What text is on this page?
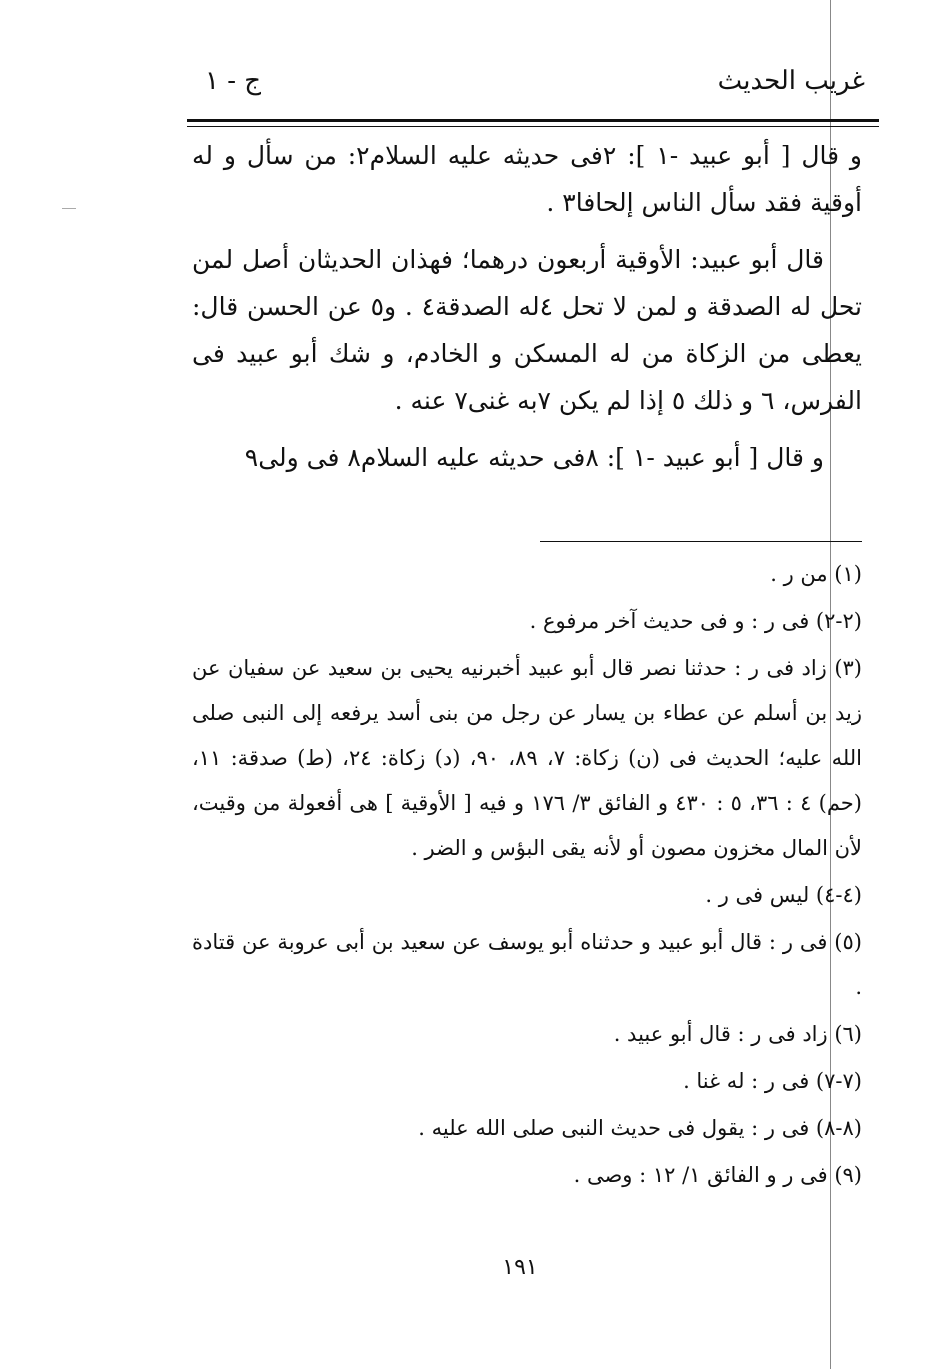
غريب الحديث
ج - ١

و قال [ أبو عبيد -١ ]: ٢فى حديثه عليه السلام٢: من سأل و له أوقية فقد سأل الناس إلحافا٣ .

قال أبو عبيد: الأوقية أربعون درهما؛ فهذان الحديثان أصل لمن تحل له الصدقة و لمن لا تحل ٤له الصدقة٤ . و٥ عن الحسن قال: يعطى من الزكاة من له المسكن و الخادم، و شك أبو عبيد فى الفرس، ٦ و ذلك ٥ إذا لم يكن ٧به غنى٧ عنه .

و قال [ أبو عبيد -١ ]: ٨فى حديثه عليه السلام٨ فى ولى٩

(١) من ر .

(٢-٢) فى ر : و فى حديث آخر مرفوع .

(٣) زاد فى ر : حدثنا نصر قال أبو عبيد أخبرنيه يحيى بن سعيد عن سفيان عن زيد بن أسلم عن عطاء بن يسار عن رجل من بنى أسد يرفعه إلى النبى صلى الله عليه؛ الحديث فى (ن) زكاة: ٧، ٨٩، ٩٠، (د) زكاة: ٢٤، (ط) صدقة: ١١، (حم) ٤ : ٣٦، ٥ : ٤٣٠ و الفائق ٣/ ١٧٦ و فيه [ الأوقية ] هى أفعولة من وقيت، لأن المال مخزون مصون أو لأنه يقى البؤس و الضر .

(٤-٤) ليس فى ر .

(٥) فى ر : قال أبو عبيد و حدثناه أبو يوسف عن سعيد بن أبى عروبة عن قتادة .

(٦) زاد فى ر : قال أبو عبيد .

(٧-٧) فى ر : له غنا .

(٨-٨) فى ر : يقول فى حديث النبى صلى الله عليه .

(٩) فى ر و الفائق ١/ ١٢ : وصى .

١٩١
